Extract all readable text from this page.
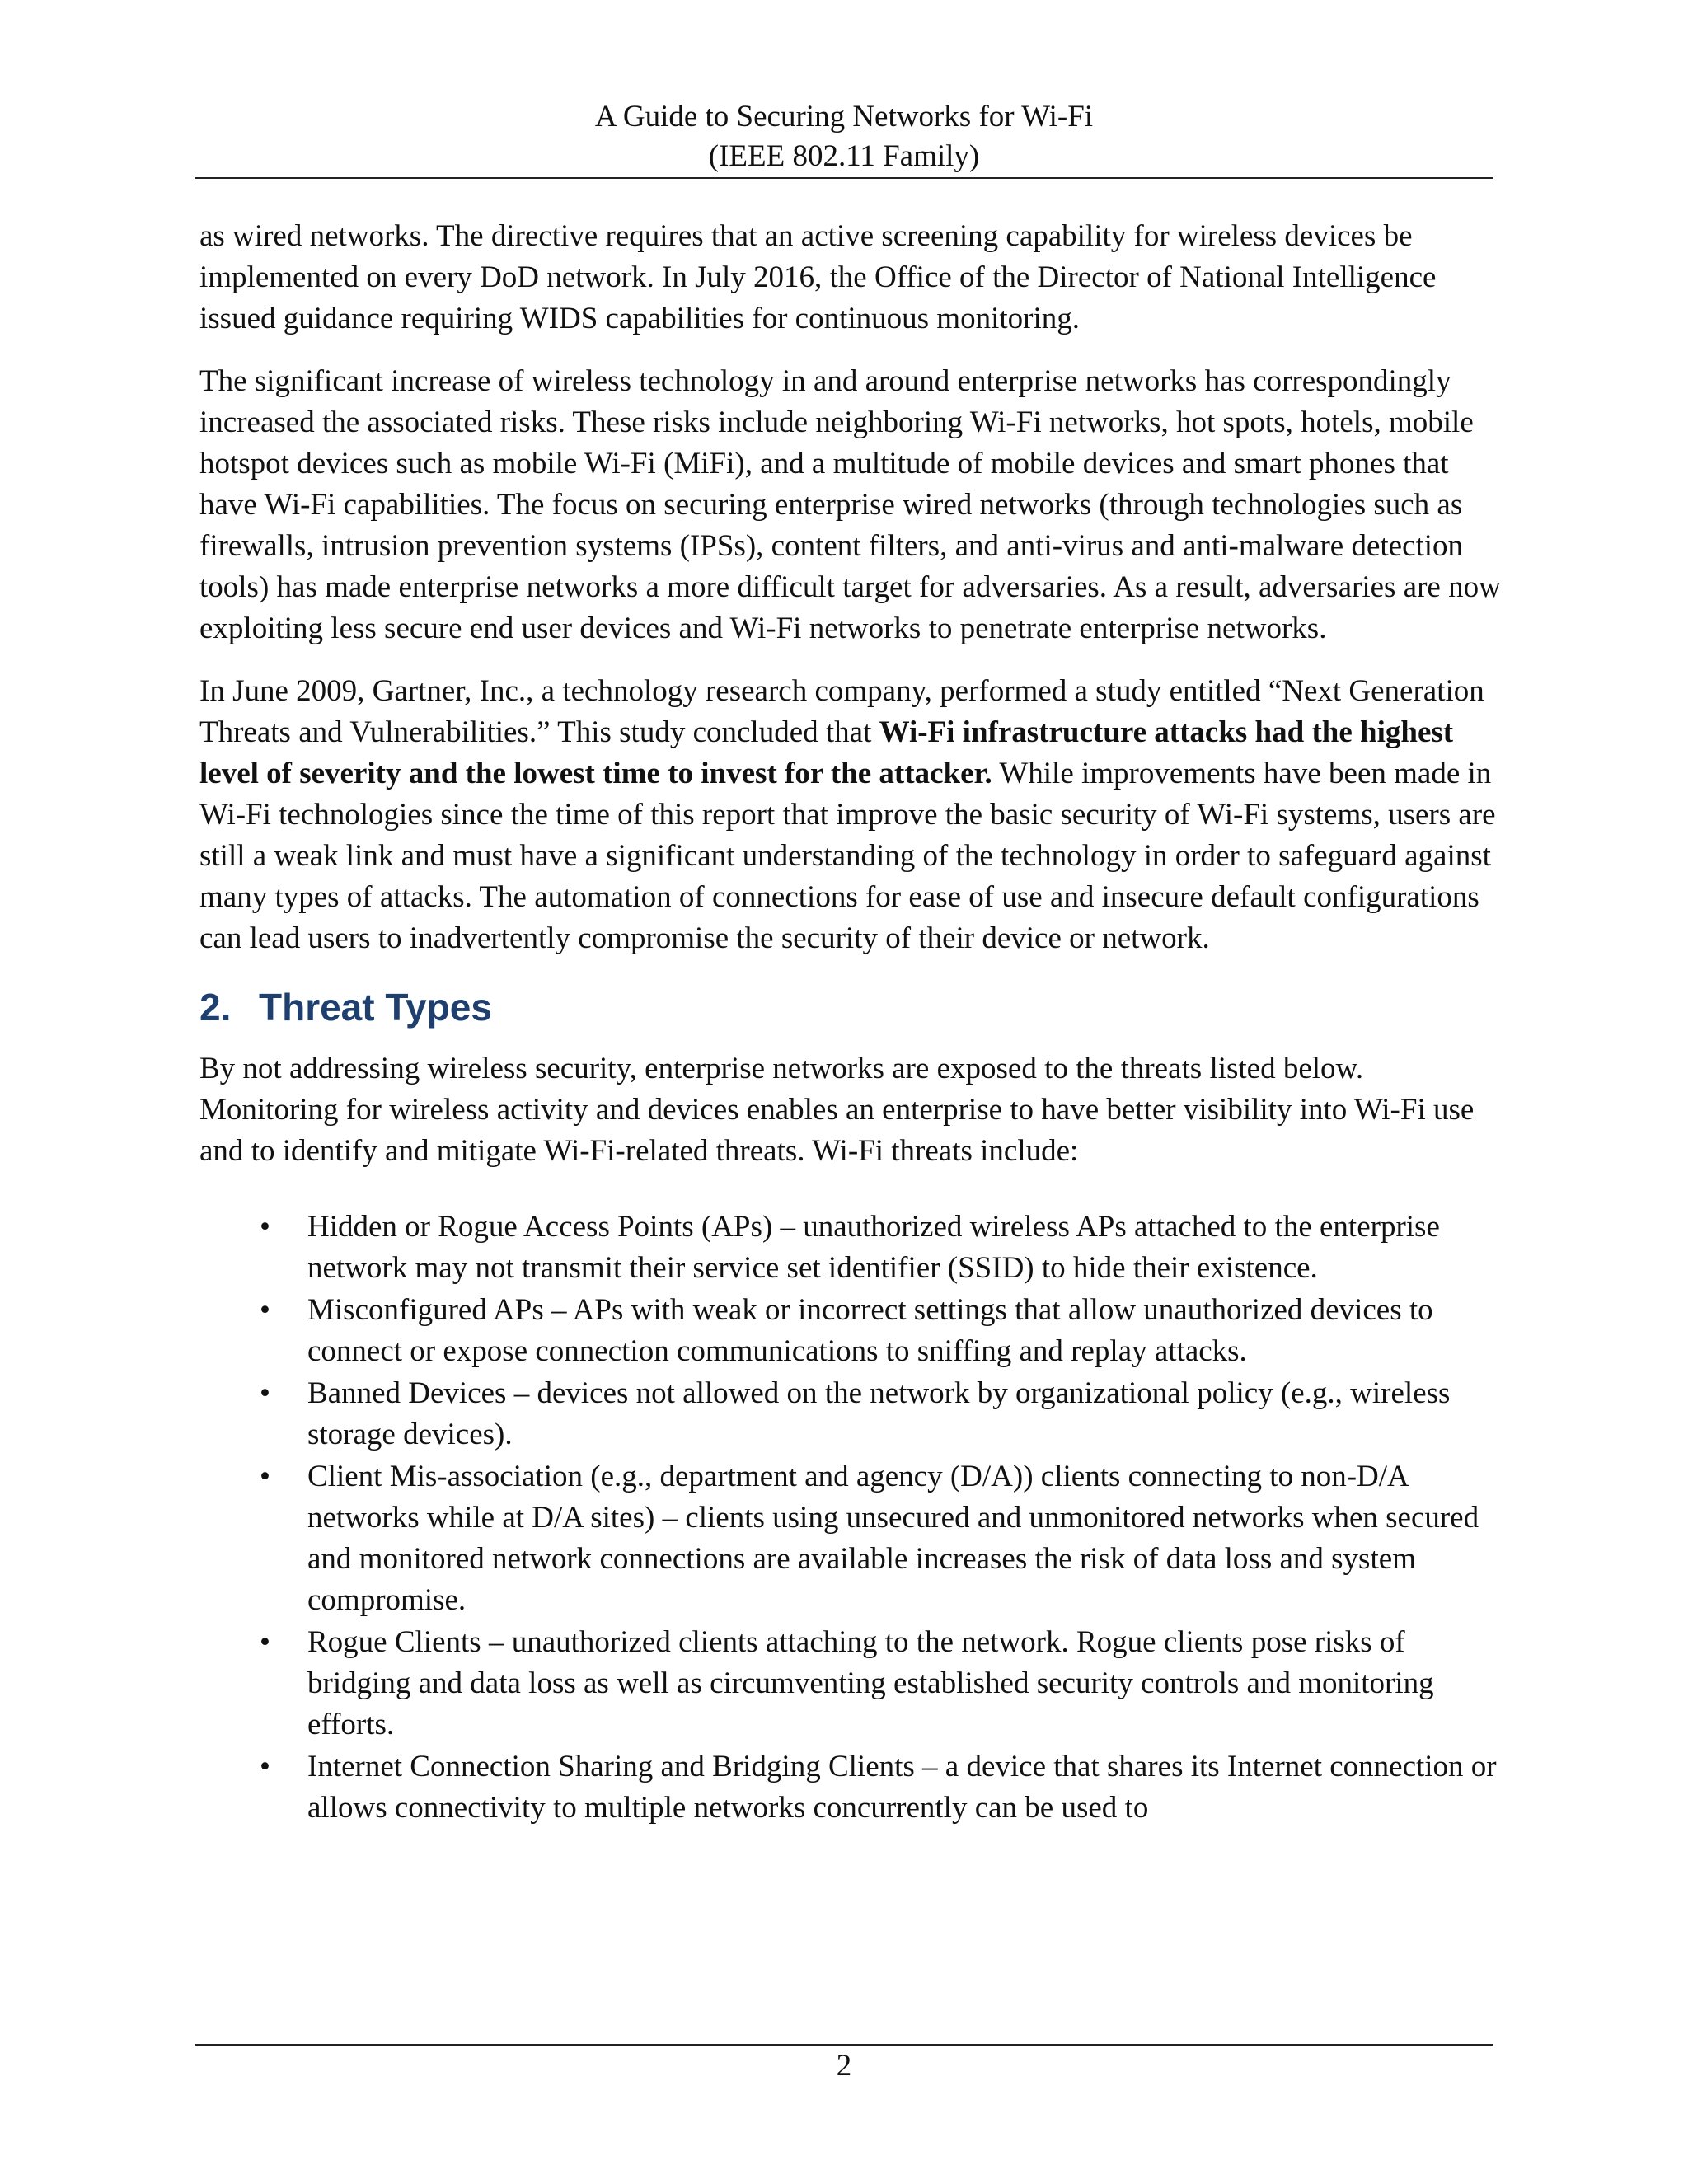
A Guide to Securing Networks for Wi-Fi
(IEEE 802.11 Family)

as wired networks. The directive requires that an active screening capability for wireless devices be implemented on every DoD network. In July 2016, the Office of the Director of National Intelligence issued guidance requiring WIDS capabilities for continuous monitoring.

The significant increase of wireless technology in and around enterprise networks has correspondingly increased the associated risks. These risks include neighboring Wi-Fi networks, hot spots, hotels, mobile hotspot devices such as mobile Wi-Fi (MiFi), and a multitude of mobile devices and smart phones that have Wi-Fi capabilities. The focus on securing enterprise wired networks (through technologies such as firewalls, intrusion prevention systems (IPSs), content filters, and anti-virus and anti-malware detection tools) has made enterprise networks a more difficult target for adversaries. As a result, adversaries are now exploiting less secure end user devices and Wi-Fi networks to penetrate enterprise networks.

In June 2009, Gartner, Inc., a technology research company, performed a study entitled “Next Generation Threats and Vulnerabilities.” This study concluded that Wi-Fi infrastructure attacks had the highest level of severity and the lowest time to invest for the attacker. While improvements have been made in Wi-Fi technologies since the time of this report that improve the basic security of Wi-Fi systems, users are still a weak link and must have a significant understanding of the technology in order to safeguard against many types of attacks. The automation of connections for ease of use and insecure default configurations can lead users to inadvertently compromise the security of their device or network.

2. Threat Types

By not addressing wireless security, enterprise networks are exposed to the threats listed below. Monitoring for wireless activity and devices enables an enterprise to have better visibility into Wi-Fi use and to identify and mitigate Wi-Fi-related threats. Wi-Fi threats include:

• Hidden or Rogue Access Points (APs) – unauthorized wireless APs attached to the enterprise network may not transmit their service set identifier (SSID) to hide their existence.
• Misconfigured APs – APs with weak or incorrect settings that allow unauthorized devices to connect or expose connection communications to sniffing and replay attacks.
• Banned Devices – devices not allowed on the network by organizational policy (e.g., wireless storage devices).
• Client Mis-association (e.g., department and agency (D/A)) clients connecting to non-D/A networks while at D/A sites) – clients using unsecured and unmonitored networks when secured and monitored network connections are available increases the risk of data loss and system compromise.
• Rogue Clients – unauthorized clients attaching to the network. Rogue clients pose risks of bridging and data loss as well as circumventing established security controls and monitoring efforts.
• Internet Connection Sharing and Bridging Clients – a device that shares its Internet connection or allows connectivity to multiple networks concurrently can be used to
2
